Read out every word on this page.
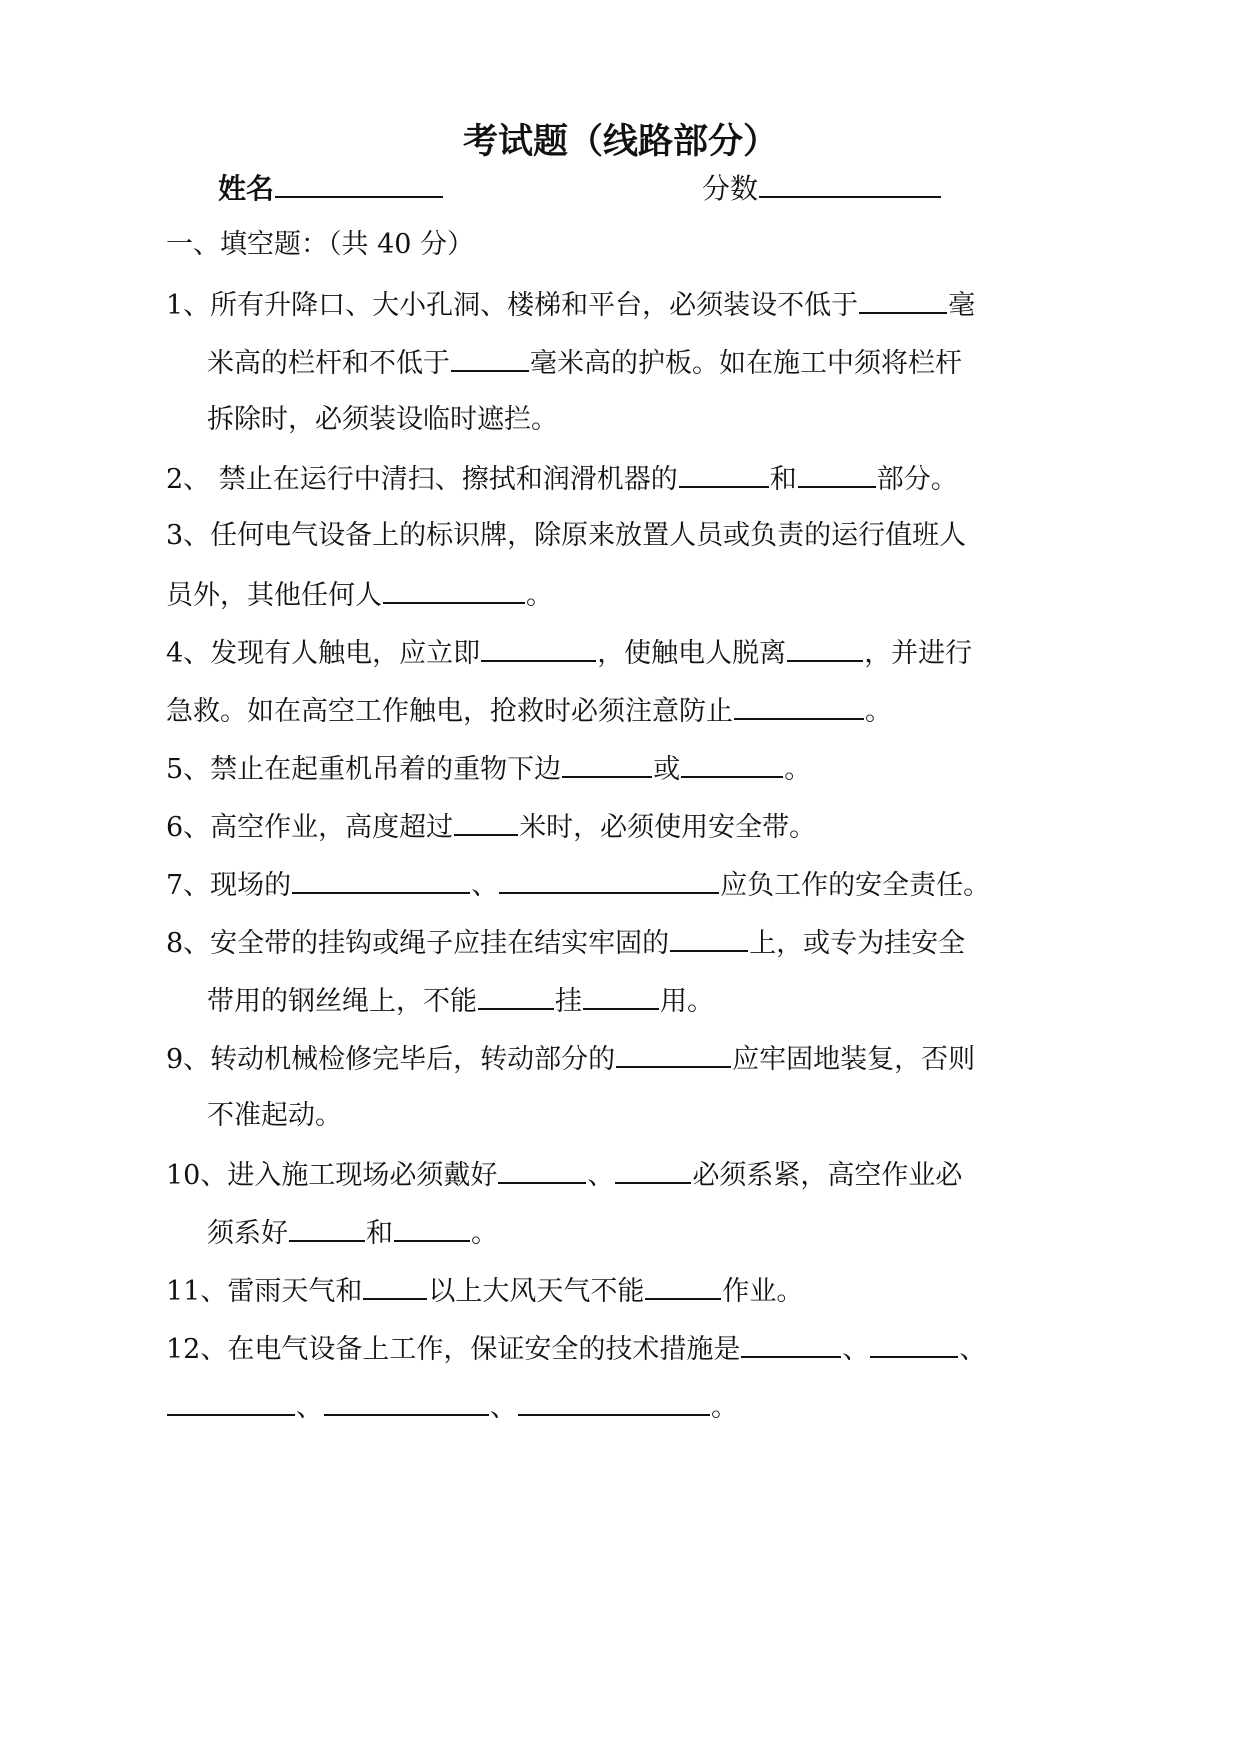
考试题（线路部分）
姓名	分数
一、填空题：（共 40 分）
1、所有升降口、大小孔洞、楼梯和平台，必须装设不低于	毫
米高的栏杆和不低于	毫米高的护板。如在施工中须将栏杆
拆除时，必须装设临时遮拦。
2、 禁止在运行中清扫、擦拭和润滑机器的	和	部分。
3、任何电气设备上的标识牌，除原来放置人员或负责的运行值班人
员外，其他任何人	。
4、发现有人触电，应立即	，使触电人脱离	，并进行
急救。如在高空工作触电，抢救时必须注意防止	。
5、禁止在起重机吊着的重物下边	或	。
6、高空作业，高度超过 米时，必须使用安全带。
7、现场的	、	应负工作的安全责任。
8、安全带的挂钩或绳子应挂在结实牢固的	上，或专为挂安全
带用的钢丝绳上，不能	挂	用。
9、转动机械检修完毕后，转动部分的	应牢固地装复，否则
不准起动。
10、进入施工现场必须戴好	、	必须系紧，高空作业必
须系好	和	。
11、雷雨天气和 以上大风天气不能	作业。
12、在电气设备上工作，保证安全的技术措施是	、	、
、	、	。
